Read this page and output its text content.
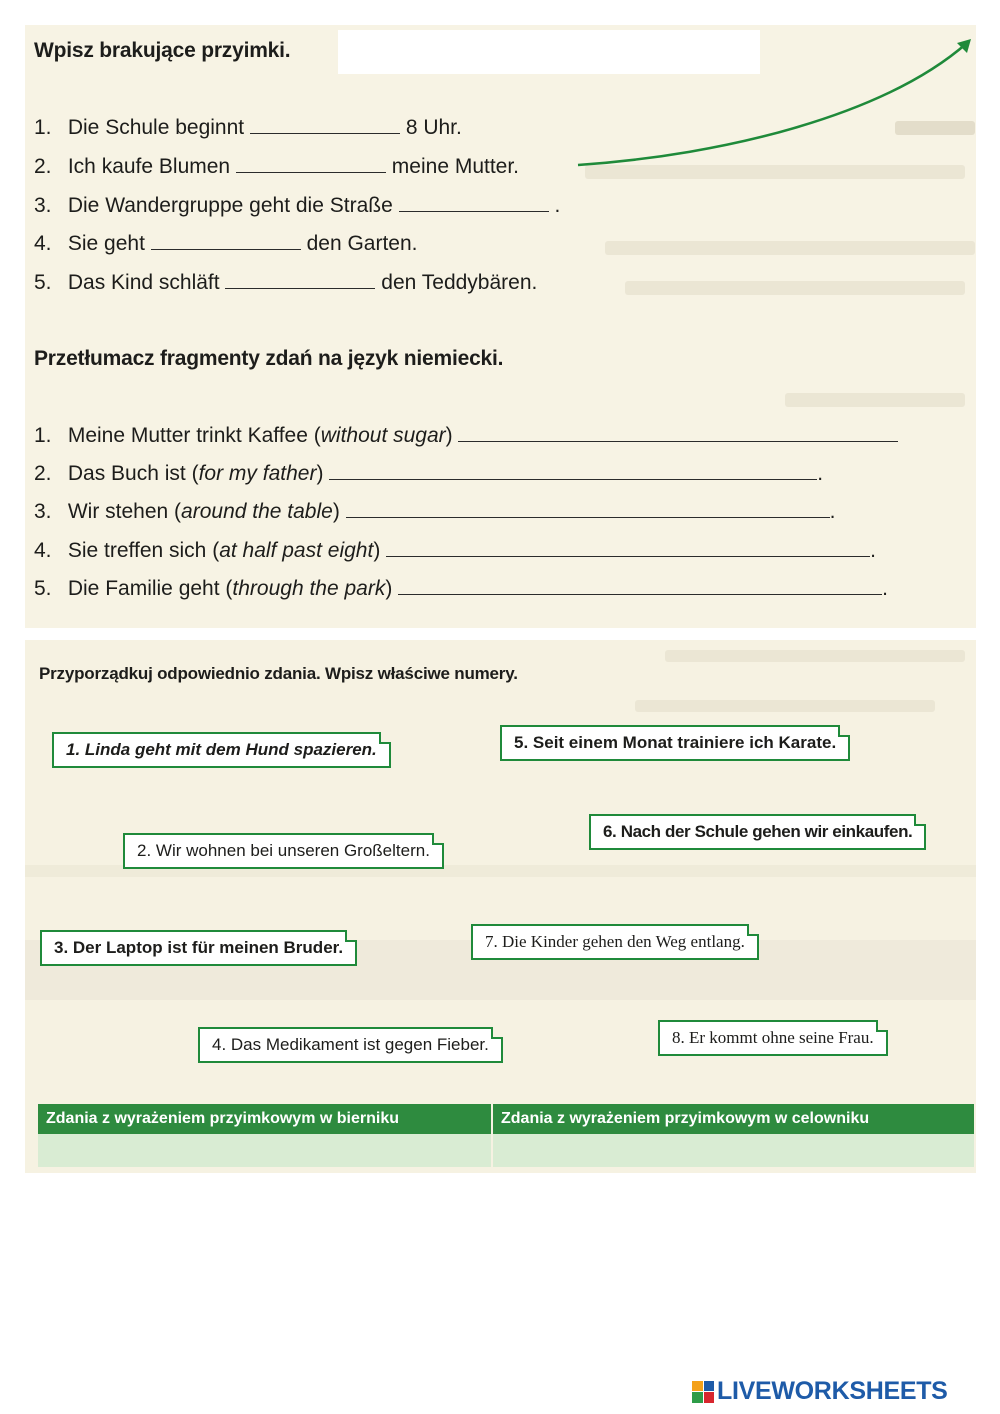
Wpisz brakujące przyimki.
1. Die Schule beginnt	8 Uhr.
2. Ich kaufe Blumen	meine Mutter.
3. Die Wandergruppe geht die Straße	.
4. Sie geht	den Garten.
5. Das Kind schläft	den Teddybären.
Przetłumacz fragmenty zdań na język niemiecki.
1. Meine Mutter trinkt Kaffee (without sugar)
2. Das Buch ist (for my father)	.
3. Wir stehen (around the table)	.
4. Sie treffen sich (at half past eight)	.
5. Die Familie geht (through the park)	.
Przyporządkuj odpowiednio zdania. Wpisz właściwe numery.
1. Linda geht mit dem Hund spazieren.
2. Wir wohnen bei unseren Großeltern.
3. Der Laptop ist für meinen Bruder.
4. Das Medikament ist gegen Fieber.
5. Seit einem Monat trainiere ich Karate.
6. Nach der Schule gehen wir einkaufen.
7. Die Kinder gehen den Weg entlang.
8. Er kommt ohne seine Frau.
Zdania z wyrażeniem przyimkowym w bierniku	Zdania z wyrażeniem przyimkowym w celowniku
LIVEWORKSHEETS
